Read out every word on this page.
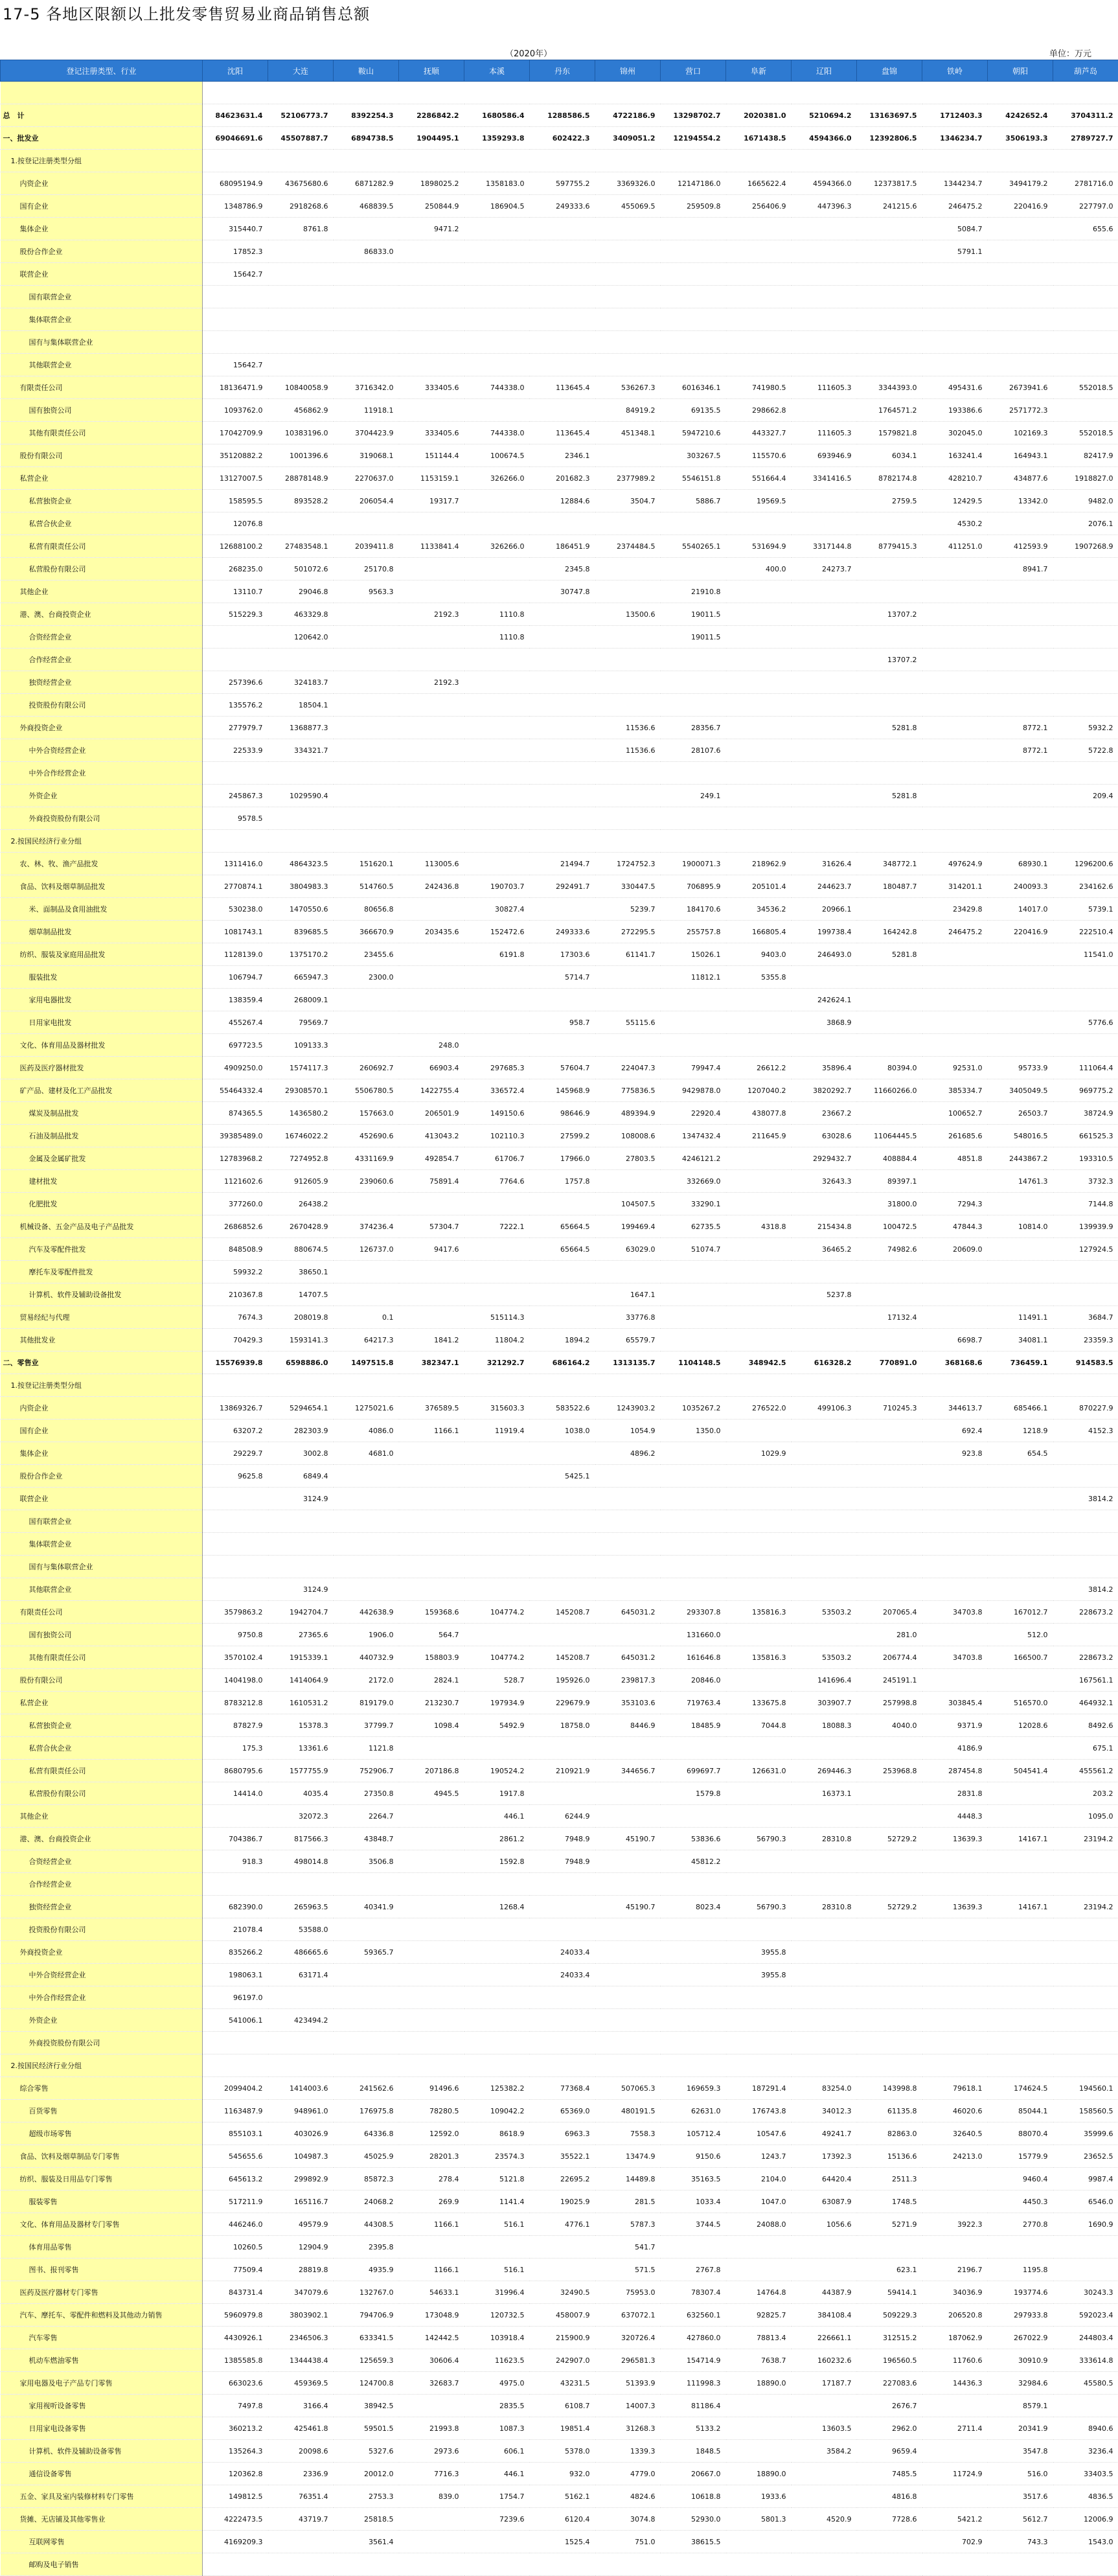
17-5 各地区限额以上批发零售贸易业商品销售总额
（2020年）	单位：万元
登记注册类型、行业	沈阳	大连	鞍山	抚顺	本溪	丹东	锦州	营口	阜新	辽阳	盘锦	铁岭	朝阳	葫芦岛

总　计	84623631.4	52106773.7	8392254.3	2286842.2	1680586.4	1288586.5	4722186.9	13298702.7	2020381.0	5210694.2	13163697.5	1712403.3	4242652.4	3704311.2
一、批发业	69046691.6	45507887.7	6894738.5	1904495.1	1359293.8	602422.3	3409051.2	12194554.2	1671438.5	4594366.0	12392806.5	1346234.7	3506193.3	2789727.7
1.按登记注册类型分组														
内资企业	68095194.9	43675680.6	6871282.9	1898025.2	1358183.0	597755.2	3369326.0	12147186.0	1665622.4	4594366.0	12373817.5	1344234.7	3494179.2	2781716.0
国有企业	1348786.9	2918268.6	468839.5	250844.9	186904.5	249333.6	455069.5	259509.8	256406.9	447396.3	241215.6	246475.2	220416.9	227797.0
集体企业	315440.7	8761.8		9471.2								5084.7		655.6
股份合作企业	17852.3		86833.0									5791.1		
联营企业	15642.7													
国有联营企业														
集体联营企业														
国有与集体联营企业														
其他联营企业	15642.7													
有限责任公司	18136471.9	10840058.9	3716342.0	333405.6	744338.0	113645.4	536267.3	6016346.1	741980.5	111605.3	3344393.0	495431.6	2673941.6	552018.5
国有独资公司	1093762.0	456862.9	11918.1				84919.2	69135.5	298662.8		1764571.2	193386.6	2571772.3	
其他有限责任公司	17042709.9	10383196.0	3704423.9	333405.6	744338.0	113645.4	451348.1	5947210.6	443327.7	111605.3	1579821.8	302045.0	102169.3	552018.5
股份有限公司	35120882.2	1001396.6	319068.1	151144.4	100674.5	2346.1		303267.5	115570.6	693946.9	6034.1	163241.4	164943.1	82417.9
私营企业	13127007.5	28878148.9	2270637.0	1153159.1	326266.0	201682.3	2377989.2	5546151.8	551664.4	3341416.5	8782174.8	428210.7	434877.6	1918827.0
私营独资企业	158595.5	893528.2	206054.4	19317.7		12884.6	3504.7	5886.7	19569.5		2759.5	12429.5	13342.0	9482.0
私营合伙企业	12076.8											4530.2		2076.1
私营有限责任公司	12688100.2	27483548.1	2039411.8	1133841.4	326266.0	186451.9	2374484.5	5540265.1	531694.9	3317144.8	8779415.3	411251.0	412593.9	1907268.9
私营股份有限公司	268235.0	501072.6	25170.8			2345.8			400.0	24273.7			8941.7	
其他企业	13110.7	29046.8	9563.3			30747.8		21910.8						
港、澳、台商投资企业	515229.3	463329.8		2192.3	1110.8		13500.6	19011.5			13707.2			
合资经营企业		120642.0			1110.8			19011.5						
合作经营企业											13707.2			
独资经营企业	257396.6	324183.7		2192.3										
投资股份有限公司	135576.2	18504.1												
外商投资企业	277979.7	1368877.3					11536.6	28356.7			5281.8		8772.1	5932.2
中外合资经营企业	22533.9	334321.7					11536.6	28107.6					8772.1	5722.8
中外合作经营企业														
外资企业	245867.3	1029590.4						249.1			5281.8			209.4
外商投资股份有限公司	9578.5													
2.按国民经济行业分组														
农、林、牧、渔产品批发	1311416.0	4864323.5	151620.1	113005.6		21494.7	1724752.3	1900071.3	218962.9	31626.4	348772.1	497624.9	68930.1	1296200.6
食品、饮料及烟草制品批发	2770874.1	3804983.3	514760.5	242436.8	190703.7	292491.7	330447.5	706895.9	205101.4	244623.7	180487.7	314201.1	240093.3	234162.6
米、面制品及食用油批发	530238.0	1470550.6	80656.8		30827.4		5239.7	184170.6	34536.2	20966.1		23429.8	14017.0	5739.1
烟草制品批发	1081743.1	839685.5	366670.9	203435.6	152472.6	249333.6	272295.5	255757.8	166805.4	199738.4	164242.8	246475.2	220416.9	222510.4
纺织、服装及家庭用品批发	1128139.0	1375170.2	23455.6		6191.8	17303.6	61141.7	15026.1	9403.0	246493.0	5281.8			11541.0
服装批发	106794.7	665947.3	2300.0			5714.7		11812.1	5355.8					
家用电器批发	138359.4	268009.1								242624.1				
日用家电批发	455267.4	79569.7				958.7	55115.6			3868.9				5776.6
文化、体育用品及器材批发	697723.5	109133.3		248.0										
医药及医疗器材批发	4909250.0	1574117.3	260692.7	66903.4	297685.3	57604.7	224047.3	79947.4	26612.2	35896.4	80394.0	92531.0	95733.9	111064.4
矿产品、建材及化工产品批发	55464332.4	29308570.1	5506780.5	1422755.4	336572.4	145968.9	775836.5	9429878.0	1207040.2	3820292.7	11660266.0	385334.7	3405049.5	969775.2
煤炭及制品批发	874365.5	1436580.2	157663.0	206501.9	149150.6	98646.9	489394.9	22920.4	438077.8	23667.2		100652.7	26503.7	38724.9
石油及制品批发	39385489.0	16746022.2	452690.6	413043.2	102110.3	27599.2	108008.6	1347432.4	211645.9	63028.6	11064445.5	261685.6	548016.5	661525.3
金属及金属矿批发	12783968.2	7274952.8	4331169.9	492854.7	61706.7	17966.0	27803.5	4246121.2		2929432.7	408884.4	4851.8	2443867.2	193310.5
建材批发	1121602.6	912605.9	239060.6	75891.4	7764.6	1757.8		332669.0		32643.3	89397.1		14761.3	3732.3
化肥批发	377260.0	26438.2					104507.5	33290.1			31800.0	7294.3		7144.8
机械设备、五金产品及电子产品批发	2686852.6	2670428.9	374236.4	57304.7	7222.1	65664.5	199469.4	62735.5	4318.8	215434.8	100472.5	47844.3	10814.0	139939.9
汽车及零配件批发	848508.9	880674.5	126737.0	9417.6		65664.5	63029.0	51074.7		36465.2	74982.6	20609.0		127924.5
摩托车及零配件批发	59932.2	38650.1												
计算机、软件及辅助设备批发	210367.8	14707.5					1647.1			5237.8				
贸易经纪与代理	7674.3	208019.8	0.1		515114.3		33776.8				17132.4		11491.1	3684.7
其他批发业	70429.3	1593141.3	64217.3	1841.2	11804.2	1894.2	65579.7					6698.7	34081.1	23359.3
二、零售业	15576939.8	6598886.0	1497515.8	382347.1	321292.7	686164.2	1313135.7	1104148.5	348942.5	616328.2	770891.0	368168.6	736459.1	914583.5
1.按登记注册类型分组														
内资企业	13869326.7	5294654.1	1275021.6	376589.5	315603.3	583522.6	1243903.2	1035267.2	276522.0	499106.3	710245.3	344613.7	685466.1	870227.9
国有企业	63207.2	282303.9	4086.0	1166.1	11919.4	1038.0	1054.9	1350.0				692.4	1218.9	4152.3
集体企业	29229.7	3002.8	4681.0				4896.2		1029.9			923.8	654.5	
股份合作企业	9625.8	6849.4				5425.1								
联营企业		3124.9												3814.2
国有联营企业														
集体联营企业														
国有与集体联营企业														
其他联营企业		3124.9												3814.2
有限责任公司	3579863.2	1942704.7	442638.9	159368.6	104774.2	145208.7	645031.2	293307.8	135816.3	53503.2	207065.4	34703.8	167012.7	228673.2
国有独资公司	9750.8	27365.6	1906.0	564.7				131660.0			281.0		512.0	
其他有限责任公司	3570102.4	1915339.1	440732.9	158803.9	104774.2	145208.7	645031.2	161646.8	135816.3	53503.2	206774.4	34703.8	166500.7	228673.2
股份有限公司	1404198.0	1414064.9	2172.0	2824.1	528.7	195926.0	239817.3	20846.0		141696.4	245191.1			167561.1
私营企业	8783212.8	1610531.2	819179.0	213230.7	197934.9	229679.9	353103.6	719763.4	133675.8	303907.7	257998.8	303845.4	516570.0	464932.1
私营独资企业	87827.9	15378.3	37799.7	1098.4	5492.9	18758.0	8446.9	18485.9	7044.8	18088.3	4040.0	9371.9	12028.6	8492.6
私营合伙企业	175.3	13361.6	1121.8									4186.9		675.1
私营有限责任公司	8680795.6	1577755.9	752906.7	207186.8	190524.2	210921.9	344656.7	699697.7	126631.0	269446.3	253968.8	287454.8	504541.4	455561.2
私营股份有限公司	14414.0	4035.4	27350.8	4945.5	1917.8			1579.8		16373.1		2831.8		203.2
其他企业		32072.3	2264.7		446.1	6244.9						4448.3		1095.0
港、澳、台商投资企业	704386.7	817566.3	43848.7		2861.2	7948.9	45190.7	53836.6	56790.3	28310.8	52729.2	13639.3	14167.1	23194.2
合资经营企业	918.3	498014.8	3506.8		1592.8	7948.9		45812.2						
合作经营企业														
独资经营企业	682390.0	265963.5	40341.9		1268.4		45190.7	8023.4	56790.3	28310.8	52729.2	13639.3	14167.1	23194.2
投资股份有限公司	21078.4	53588.0												
外商投资企业	835266.2	486665.6	59365.7			24033.4			3955.8					
中外合资经营企业	198063.1	63171.4				24033.4			3955.8					
中外合作经营企业	96197.0													
外资企业	541006.1	423494.2												
外商投资股份有限公司														
2.按国民经济行业分组														
综合零售	2099404.2	1414003.6	241562.6	91496.6	125382.2	77368.4	507065.3	169659.3	187291.4	83254.0	143998.8	79618.1	174624.5	194560.1
百货零售	1163487.9	948961.0	176975.8	78280.5	109042.2	65369.0	480191.5	62631.0	176743.8	34012.3	61135.8	46020.6	85044.1	158560.5
超级市场零售	855103.1	403026.9	64336.8	12592.0	8618.9	6963.3	7558.3	105712.4	10547.6	49241.7	82863.0	32640.5	88070.4	35999.6
食品、饮料及烟草制品专门零售	545655.6	104987.3	45025.9	28201.3	23574.3	35522.1	13474.9	9150.6	1243.7	17392.3	15136.6	24213.0	15779.9	23652.5
纺织、服装及日用品专门零售	645613.2	299892.9	85872.3	278.4	5121.8	22695.2	14489.8	35163.5	2104.0	64420.4	2511.3		9460.4	9987.4
服装零售	517211.9	165116.7	24068.2	269.9	1141.4	19025.9	281.5	1033.4	1047.0	63087.9	1748.5		4450.3	6546.0
文化、体育用品及器材专门零售	446246.0	49579.9	44308.5	1166.1	516.1	4776.1	5787.3	3744.5	24088.0	1056.6	5271.9	3922.3	2770.8	1690.9
体育用品零售	10260.5	12904.9	2395.8				541.7							
图书、报刊零售	77509.4	28819.8	4935.9	1166.1	516.1		571.5	2767.8			623.1	2196.7	1195.8	
医药及医疗器材专门零售	843731.4	347079.6	132767.0	54633.1	31996.4	32490.5	75953.0	78307.4	14764.8	44387.9	59414.1	34036.9	193774.6	30243.3
汽车、摩托车、零配件和燃料及其他动力销售	5960979.8	3803902.1	794706.9	173048.9	120732.5	458007.9	637072.1	632560.1	92825.7	384108.4	509229.3	206520.8	297933.8	592023.4
汽车零售	4430926.1	2346506.3	633341.5	142442.5	103918.4	215900.9	320726.4	427860.0	78813.4	226661.1	312515.2	187062.9	267022.9	244803.4
机动车燃油零售	1385585.8	1344438.4	125659.3	30606.4	11623.5	242907.0	296581.3	154714.9	7638.7	160232.6	196560.5	11760.6	30910.9	333614.8
家用电器及电子产品专门零售	663023.6	459369.5	124700.8	32683.7	4975.0	43231.5	51393.9	111998.3	18890.0	17187.7	227083.6	14436.3	32984.6	45580.5
家用视听设备零售	7497.8	3166.4	38942.5		2835.5	6108.7	14007.3	81186.4			2676.7		8579.1	
日用家电设备零售	360213.2	425461.8	59501.5	21993.8	1087.3	19851.4	31268.3	5133.2		13603.5	2962.0	2711.4	20341.9	8940.6
计算机、软件及辅助设备零售	135264.3	20098.6	5327.6	2973.6	606.1	5378.0	1339.3	1848.5		3584.2	9659.4		3547.8	3236.4
通信设备零售	120362.8	2336.9	20012.0	7716.3	446.1	932.0	4779.0	20667.0	18890.0		7485.5	11724.9	516.0	33403.5
五金、家具及室内装修材料专门零售	149812.5	76351.4	2753.3	839.0	1754.7	5162.1	4824.6	10618.8	1933.6		4816.8		3517.6	4836.5
货摊、无店铺及其他零售业	4222473.5	43719.7	25818.5		7239.6	6120.4	3074.8	52930.0	5801.3	4520.9	7728.6	5421.2	5612.7	12006.9
互联网零售	4169209.3		3561.4			1525.4	751.0	38615.5				702.9	743.3	1543.0
邮购及电子销售														
